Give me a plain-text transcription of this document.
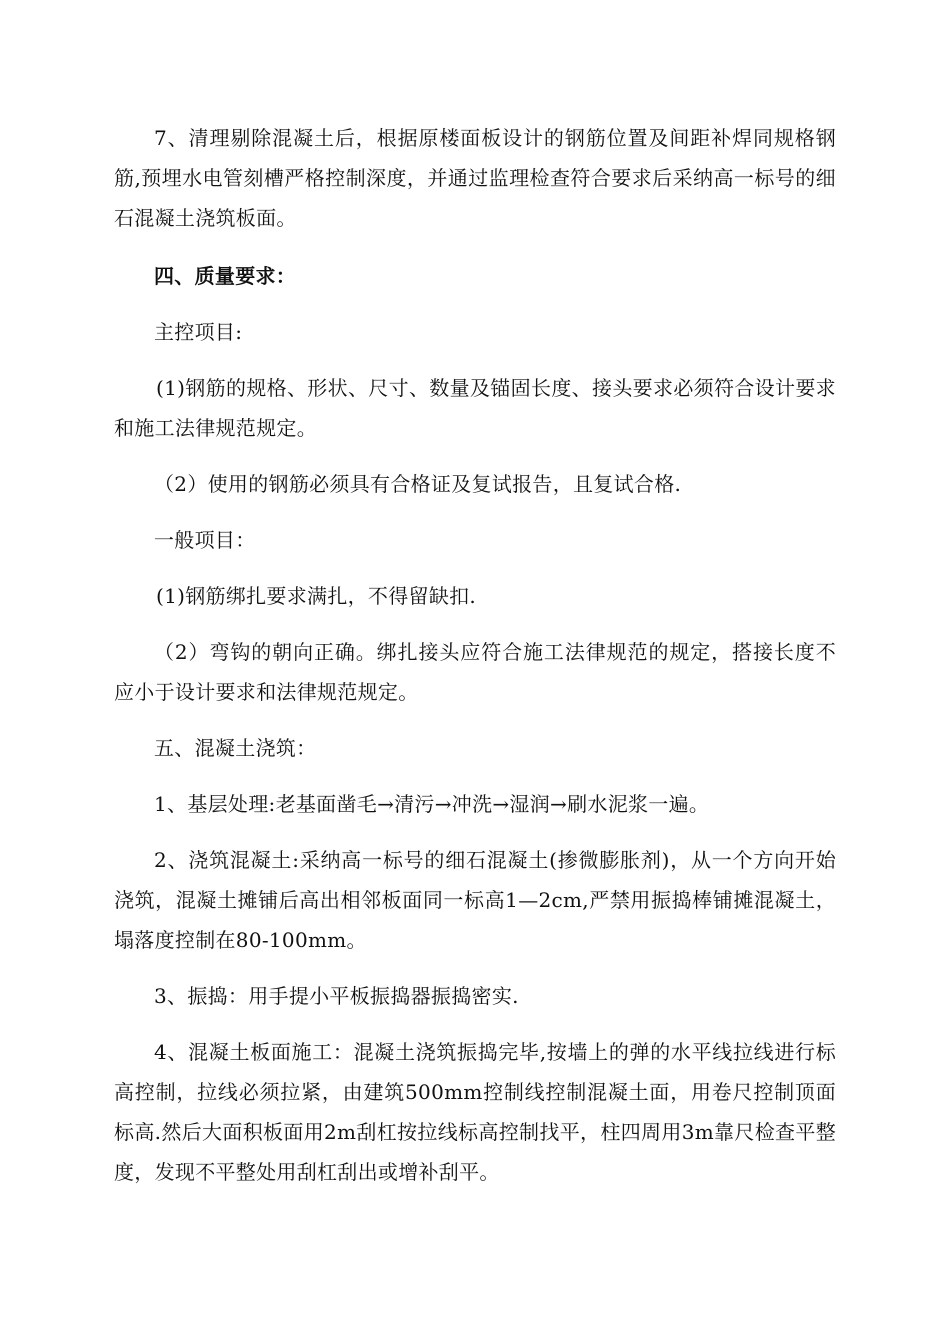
7、清理剔除混凝土后，根据原楼面板设计的钢筋位置及间距补焊同规格钢筋,预埋水电管刻槽严格控制深度，并通过监理检查符合要求后采纳高一标号的细石混凝土浇筑板面。

四、质量要求：

主控项目:

(1)钢筋的规格、形状、尺寸、数量及锚固长度、接头要求必须符合设计要求和施工法律规范规定。

（2）使用的钢筋必须具有合格证及复试报告，且复试合格.

一般项目：

(1)钢筋绑扎要求满扎，不得留缺扣.

（2）弯钩的朝向正确。绑扎接头应符合施工法律规范的规定，搭接长度不应小于设计要求和法律规范规定。

五、混凝土浇筑：

1、基层处理:老基面凿毛→清污→冲洗→湿润→刷水泥浆一遍。

2、浇筑混凝土:采纳高一标号的细石混凝土(掺微膨胀剂)，从一个方向开始浇筑，混凝土摊铺后高出相邻板面同一标高1—2cm,严禁用振捣棒铺摊混凝土，塌落度控制在80-100mm。

3、振捣：用手提小平板振捣器振捣密实.

4、混凝土板面施工：混凝土浇筑振捣完毕,按墙上的弹的水平线拉线进行标高控制，拉线必须拉紧，由建筑500mm控制线控制混凝土面，用卷尺控制顶面标高.然后大面积板面用2m刮杠按拉线标高控制找平，柱四周用3m靠尺检查平整度，发现不平整处用刮杠刮出或增补刮平。
